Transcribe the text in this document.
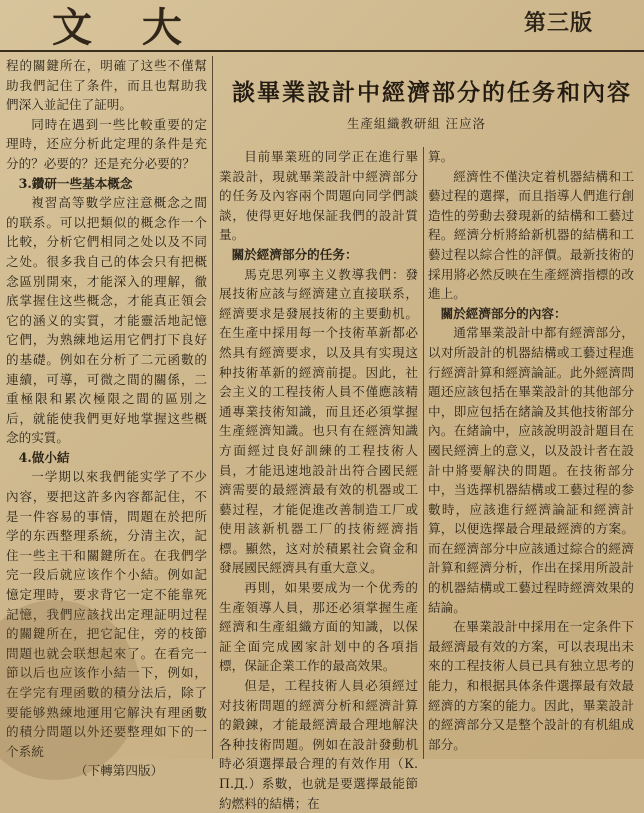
文 大	第三版

程的關鍵所在，明確了这些不僅幫助我們記住了条件，而且也幫助我們深入並記住了証明。

同時在遇到一些比較重要的定理時，还应分析此定理的条件是充分的？必要的？还是充分必要的？

3.鑽研一些基本概念

複習高等數学应注意概念之間的联系。可以把類似的概念作一个比較，分析它們相同之处以及不同之处。很多我自己的体会只有把概念區別開來，才能深入的理解，徹底掌握住这些概念，才能真正領会它的涵义的实質，才能靈活地記憶它們，为熟練地运用它們打下良好的基礎。例如在分析了二元函數的連續，可導，可微之間的關係，二重極限和累次極限之間的區別之后，就能使我們更好地掌握这些概念的实質。

4.做小結

一学期以來我們能实学了不少內容，要把这許多內容都記住，不是一件容易的事情，問題在於把所学的东西整理系統，分清主次，記住一些主干和關鍵所在。在我們学完一段后就应该作个小結。例如記憶定理時，要求背它一定不能靠死記憶，我們应該找出定理証明过程的關鍵所在，把它記住，旁的枝節問題也就会联想起來了。在看完一節以后也应该作小結一下，例如，在学完有理函數的積分法后，除了要能够熟練地運用它解決有理函數的積分問題以外还要整理如下的一个系統

（下轉第四版）

談畢業設計中經濟部分的任务和內容
生產組織教研組 汪应洛

目前畢業班的同学正在進行畢業設計，現就畢業設計中經濟部分的任务及內容兩个問題向同学們談談，使得更好地保証我們的設計質量。

關於經濟部分的任务：

馬克思列寧主义教導我們：發展技術应該与經濟建立直接联系，經濟要求是發展技術的主要動机。在生產中採用每一个技術革新都必然具有經濟要求，以及具有实現这种技術革新的經濟前提。因此，社会主义的工程技術人員不僅應該精通專業技術知識，而且还必須掌握生產經濟知識。也只有在經濟知識方面經过良好訓練的工程技術人員，才能迅速地設計出符合國民經濟需要的最經濟最有效的机器或工藝过程，才能促進改善制造工厂或使用該新机器工厂的技術經濟指標。顯然，这对於積累社会資金和發展國民經濟具有重大意义。

再則，如果要成为一个优秀的生產領導人員，那还必須掌握生產經濟和生產組織方面的知識，以保証全面完成國家計划中的各項指標，保証企業工作的最高效果。

但是，工程技術人員必須經过对技術問題的經濟分析和經濟計算的鍛鍊，才能最經濟最合理地解決各种技術問題。例如在設計發動机時必須選擇最合理的有效作用（К.П.Д.）系數，也就是要選擇最能節約燃料的結構；在

算。

經濟性不僅決定着机器結構和工藝过程的選擇，而且指導人們進行創造性的勞動去發現新的結構和工藝过程。經濟分析將給新机器的結構和工藝过程以綜合性的評價。最新技術的採用將必然反映在生產經濟指標的改進上。

關於經濟部分的內容：

通常畢業設計中都有經濟部分，以对所設計的机器結構或工藝过程進行經濟計算和經濟論証。此外經濟問題还应該包括在畢業設計的其他部分中，即应包括在緒論及其他技術部分內。在緒論中，应該說明設計題目在國民經濟上的意义，以及設计者在設計中將要解決的問題。在技術部分中，当选擇机器結構或工藝过程的参數時，应該進行經濟論証和經濟計算，以便选擇最合理最經濟的方案。而在經濟部分中应該通过綜合的經濟計算和經濟分析，作出在採用所設計的机器結構或工藝过程時經濟效果的結論。

在畢業設計中採用在一定条件下最經濟最有效的方案，可以表現出未來的工程技術人員已具有独立思考的能力，和根据具体条件選擇最有效最經濟的方案的能力。因此，畢業設計的經濟部分又是整个設計的有机組成部分。
